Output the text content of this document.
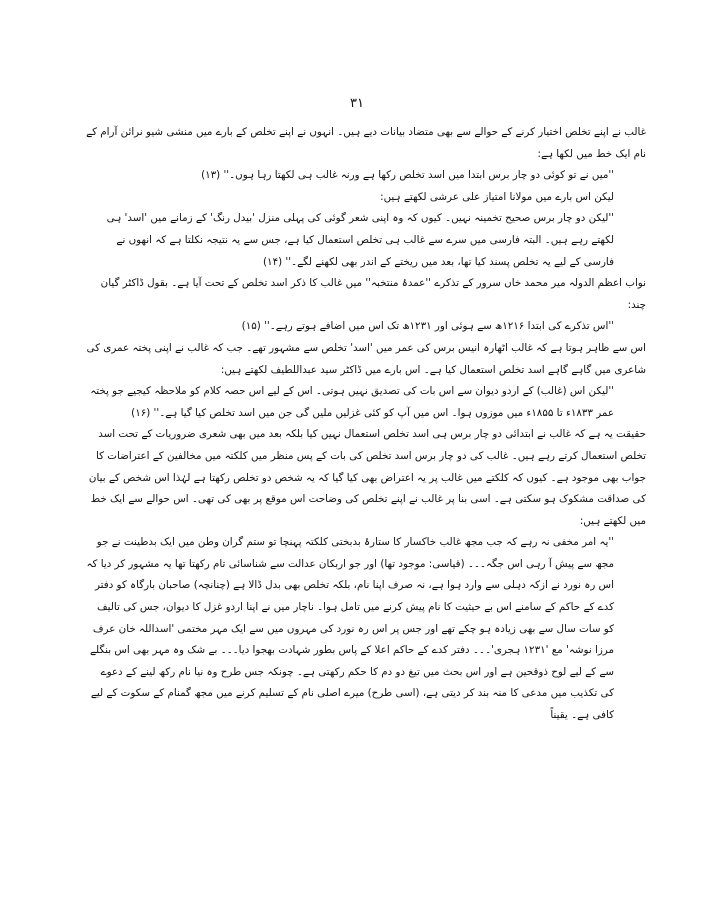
۳۱

غالب نے اپنے تخلص اختیار کرنے کے حوالے سے بھی متضاد بیانات دیے ہیں۔ انہوں نے اپنے تخلص کے بارے میں منشی شیو نرائن آرام کے نام ایک خط میں لکھا ہے:

''میں نے تو کوئی دو چار برس ابتدا میں اسد تخلص رکھا ہے ورنہ غالب ہی لکھتا رہا ہوں۔'' (۱۳)

لیکن اس بارے میں مولانا امتیاز علی عرشی لکھتے ہیں:

''لیکن دو چار برس صحیح تخمینہ نہیں۔ کیوں کہ وہ اپنی شعر گوئی کی پہلی منزل 'بیدل رنگ' کے زمانے میں 'اسد' ہی لکھتے رہے ہیں۔ البتہ فارسی میں سرے سے غالب ہی تخلص استعمال کیا ہے، جس سے یہ نتیجہ نکلتا ہے کہ انھوں نے فارسی کے لیے یہ تخلص پسند کیا تھا، بعد میں ریختے کے اندر بھی لکھنے لگے۔'' (۱۴)

نواب اعظم الدولہ میر محمد خاں سرور کے تذکرے ''عمدۂ منتخبہ'' میں غالب کا ذکر اسد تخلص کے تحت آیا ہے۔ بقول ڈاکٹر گیان چند:

''اس تذکرے کی ابتدا ۱۲۱۶ھ سے ہوئی اور ۱۲۳۱ھ تک اس میں اضافے ہوتے رہے۔'' (۱۵)

اس سے ظاہر ہوتا ہے کہ غالب اٹھارہ انیس برس کی عمر میں 'اسد' تخلص سے مشہور تھے۔ جب کہ غالب نے اپنی پختہ عمری کی شاعری میں گاہے گاہے اسد تخلص استعمال کیا ہے۔ اس بارے میں ڈاکٹر سید عبداللطیف لکھتے ہیں:

''لیکن اس (غالب) کے اردو دیوان سے اس بات کی تصدیق نہیں ہوتی۔ اس کے لیے اس حصہ کلام کو ملاحظہ کیجیے جو پختہ عمر ۱۸۳۳ء تا ۱۸۵۵ء میں موزوں ہوا۔ اس میں آپ کو کئی غزلیں ملیں گی جن میں اسد تخلص کیا گیا ہے۔'' (۱۶)

حقیقت یہ ہے کہ غالب نے ابتدائی دو چار برس ہی اسد تخلص استعمال نہیں کیا بلکہ بعد میں بھی شعری ضروریات کے تحت اسد تخلص استعمال کرتے رہے ہیں۔ غالب کی دو چار برس اسد تخلص کی بات کے پس منظر میں کلکتہ میں مخالفین کے اعتراضات کا جواب بھی موجود ہے۔ کیوں کہ کلکتے میں غالب پر یہ اعتراض بھی کیا گیا کہ یہ شخص دو تخلص رکھتا ہے لہٰذا اس شخص کے بیان کی صداقت مشکوک ہو سکتی ہے۔ اسی بنا پر غالب نے اپنے تخلص کی وضاحت اس موقع پر بھی کی تھی۔ اس حوالے سے ایک خط میں لکھتے ہیں:

''یہ امر مخفی نہ رہے کہ جب مجھ غالب خاکسار کا ستارۂ بدبختی کلکتہ پہنچا تو ستم گران وطن میں ایک بدطینت نے جو مجھ سے پیش آ رہی اس جگہ۔۔۔ (قیاسی: موجود تھا) اور جو اربکان عدالت سے شناسائی تام رکھتا تھا یہ مشہور کر دیا کہ اس رہ نورد نے ازکہ دہلی سے وارد ہوا ہے، نہ صرف اپنا نام، بلکہ تخلص بھی بدل ڈالا ہے (چنانچہ) صاحبان بارگاہ کو دفتر کدے کے حاکم کے سامنے اس بے حیثیت کا نام پیش کرنے میں تامل ہوا۔ ناچار میں نے اپنا اردو غزل کا دیوان، جس کی تالیف کو سات سال سے بھی زیادہ ہو چکے تھے اور جس پر اس رہ نورد کی مہروں میں سے ایک مہر مختمی 'اسداللہ خان عرف مرزا نوشہ' مع '۱۲۳۱ ہجری'۔۔۔ دفتر کدے کے حاکم اعلا کے پاس بطور شہادت بھجوا دیا۔۔۔ بے شک وہ مہر بھی اس بنگلے سے کے لیے لوح ذوقحین ہے اور اس بحث میں تیغ دو دم کا حکم رکھتی ہے۔ چونکہ جس طرح وہ نیا نام رکھ لینے کے دعوے کی تکذیب میں مدعی کا منہ بند کر دیتی ہے، (اسی طرح) میرے اصلی نام کے تسلیم کرنے میں مجھ گمنام کے سکوت کے لیے کافی ہے۔ یقیناً
